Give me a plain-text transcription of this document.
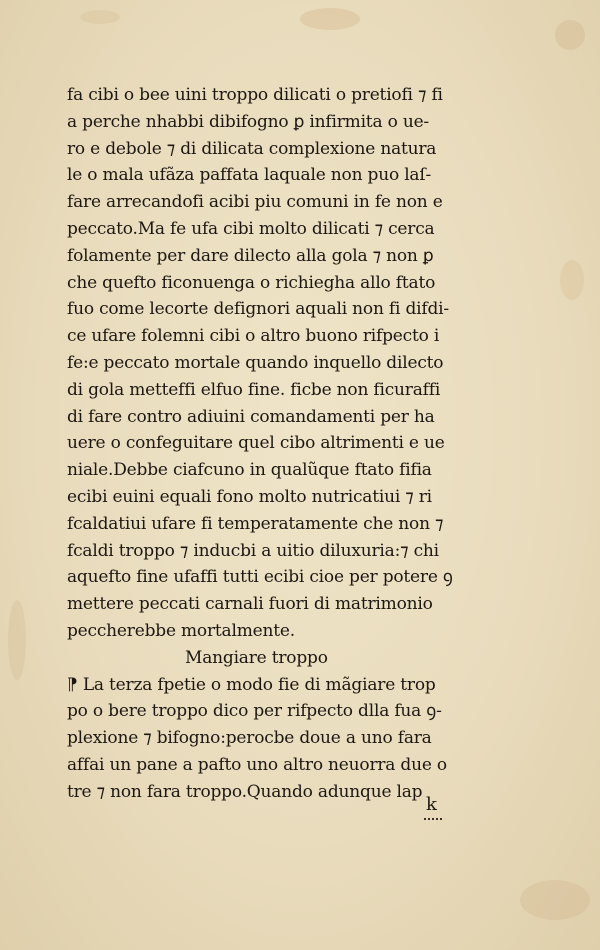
fa cibi o bee uini troppo dilicati o pretiofi ⁊ fi
a perche nhabbi dibifogno ꝑ infirmita o ue‑
ro e debole ⁊ di dilicata complexione natura
le o mala ufãza paffata laquale non puo laſ‑
fare arrecandofi acibi piu comuni in fe non e
peccato.Ma fe ufa cibi molto dilicati ⁊ cerca
folamente per dare dilecto alla gola ⁊ non ꝑ
che quefto ficonuenga o richiegha allo ftato
fuo come lecorte defignori aquali non fi difdi‑
ce ufare folemni cibi o altro buono rifpecto i
fe:e peccato mortale quando inquello dilecto
di gola metteffi elfuo fine. ficbe non ficuraffi
di fare contro adiuini comandamenti per ha
uere o confeguitare quel cibo altrimenti e ue
niale.Debbe ciafcuno in qualũque ftato fifia
ecibi euini equali fono molto nutricatiui ⁊ ri
fcaldatiui ufare fi temperatamente che non ⁊
fcaldi troppo ⁊ inducbi a uitio diluxuria:⁊ chi
aquefto fine ufaffi tutti ecibi cioe per potere ꝯ
mettere peccati carnali fuori di matrimonio
peccherebbe mortalmente.
Mangiare troppo
⁋ La terza fpetie o modo fie di mãgiare trop
po o bere troppo dico per rifpecto dlla fua ꝯ‑
plexione ⁊ bifogno:perocbe doue a uno fara
affai un pane a pafto uno altro neuorra due o
tre ⁊ non fara troppo.Quando adunque lap
k
